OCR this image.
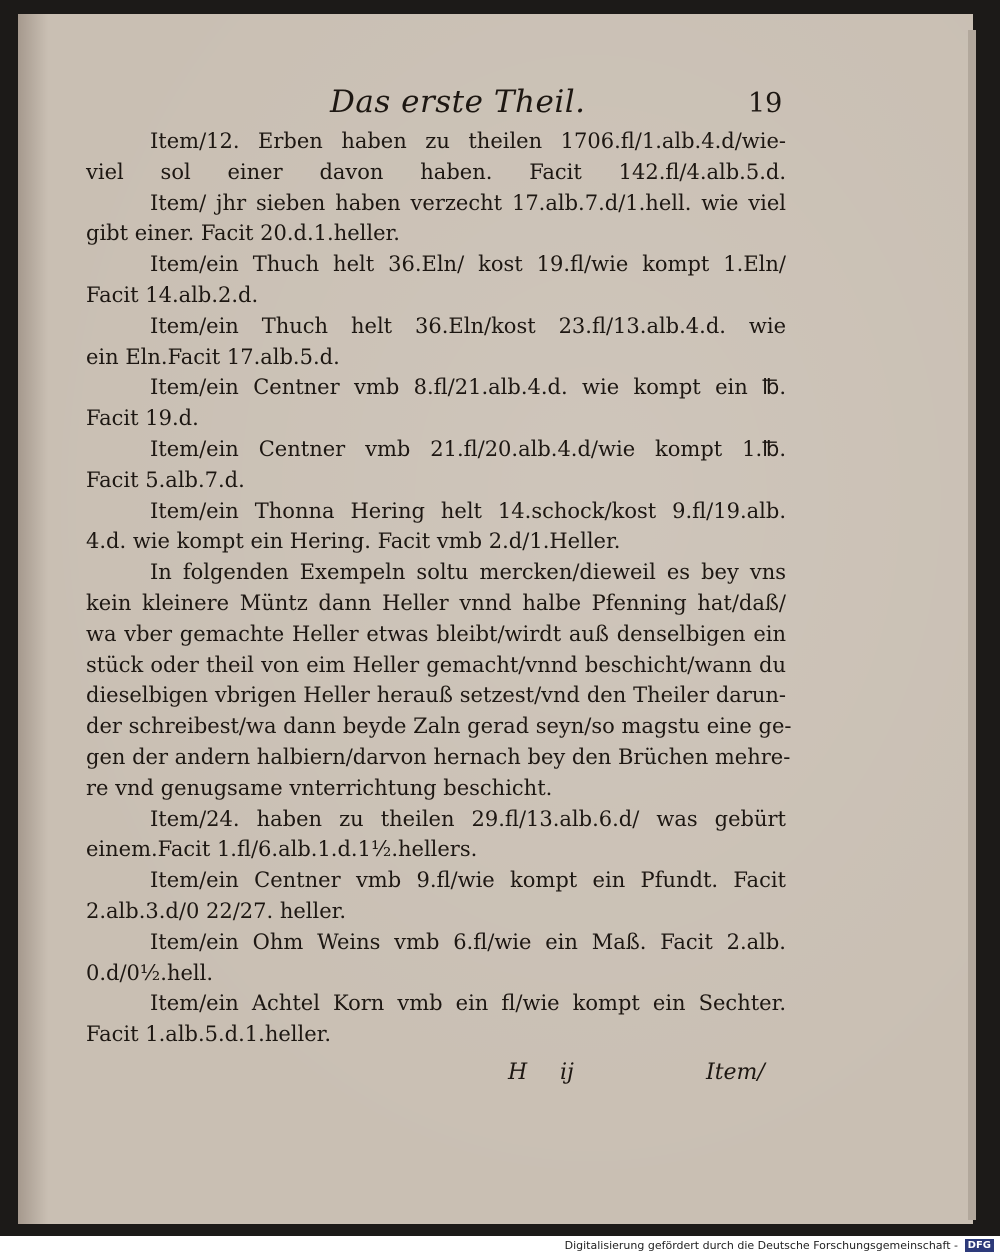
Das erste Theil.	19
Item/12. Erben haben zu theilen 1706.fl/1.alb.4.d/wie-
viel sol einer davon haben. Facit 142.fl/4.alb.5.d.
Item/ jhr sieben haben verzecht 17.alb.7.d/1.hell. wie viel
gibt einer. Facit 20.d.1.heller.
Item/ein Thuch helt 36.Eln/ kost 19.fl/wie kompt 1.Eln/
Facit 14.alb.2.d.
Item/ein Thuch helt 36.Eln/kost 23.fl/13.alb.4.d. wie
ein Eln.Facit 17.alb.5.d.
Item/ein Centner vmb 8.fl/21.alb.4.d. wie kompt ein ℔.
Facit 19.d.
Item/ein Centner vmb 21.fl/20.alb.4.d/wie kompt 1.℔.
Facit 5.alb.7.d.
Item/ein Thonna Hering helt 14.schock/kost 9.fl/19.alb.
4.d. wie kompt ein Hering. Facit vmb 2.d/1.Heller.
In folgenden Exempeln soltu mercken/dieweil es bey vns
kein kleinere Müntz dann Heller vnnd halbe Pfenning hat/daß/
wa vber gemachte Heller etwas bleibt/wirdt auß denselbigen ein
stück oder theil von eim Heller gemacht/vnnd beschicht/wann du
dieselbigen vbrigen Heller herauß setzest/vnd den Theiler darun-
der schreibest/wa dann beyde Zaln gerad seyn/so magstu eine ge-
gen der andern halbiern/darvon hernach bey den Brüchen mehre-
re vnd genugsame vnterrichtung beschicht.
Item/24. haben zu theilen 29.fl/13.alb.6.d/ was gebürt
einem.Facit 1.fl/6.alb.1.d.1½.hellers.
Item/ein Centner vmb 9.fl/wie kompt ein Pfundt. Facit
2.alb.3.d/0 22/27. heller.
Item/ein Ohm Weins vmb 6.fl/wie ein Maß. Facit 2.alb.
0.d/0½.hell.
Item/ein Achtel Korn vmb ein fl/wie kompt ein Sechter.
Facit 1.alb.5.d.1.heller.
H ij	Item/
Digitalisierung gefördert durch die Deutsche Forschungsgemeinschaft - DFG
